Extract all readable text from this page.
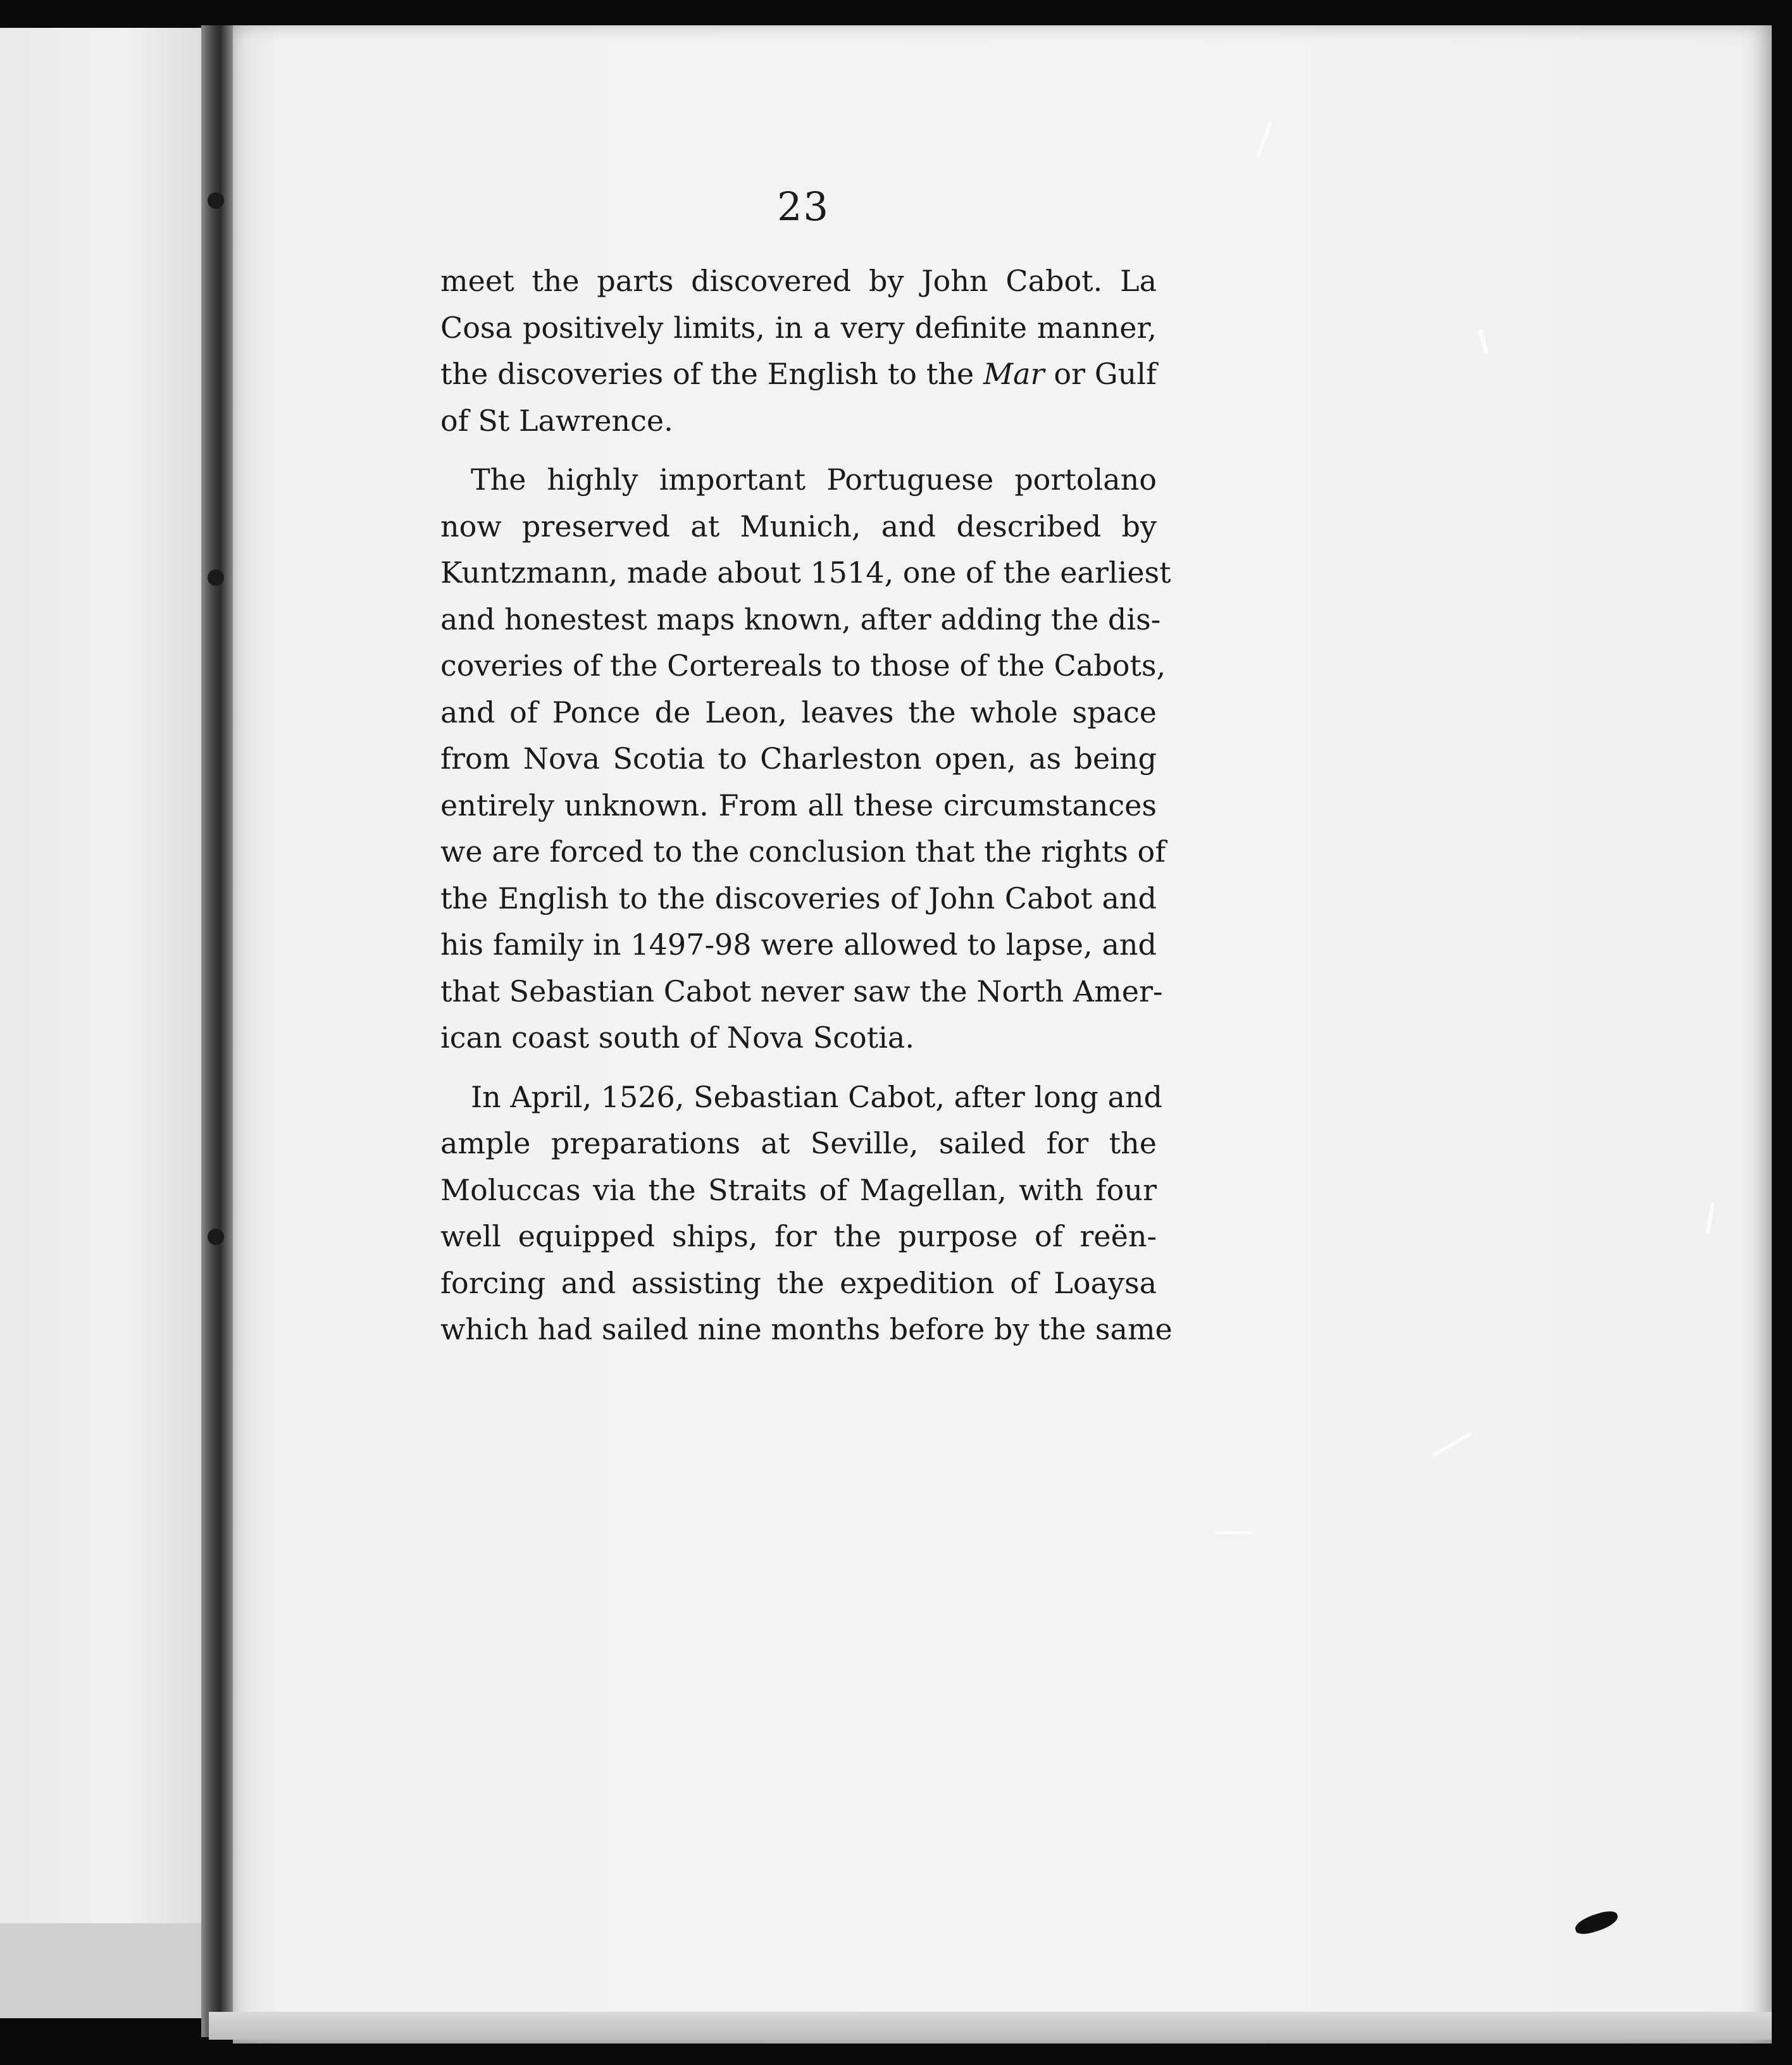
23
meet the parts discovered by John Cabot. La
Cosa positively limits, in a very definite manner,
the discoveries of the English to the Mar or Gulf
of St Lawrence.
The highly important Portuguese portolano
now preserved at Munich, and described by
Kuntzmann, made about 1514, one of the earliest
and honestest maps known, after adding the dis-
coveries of the Cortereals to those of the Cabots,
and of Ponce de Leon, leaves the whole space
from Nova Scotia to Charleston open, as being
entirely unknown. From all these circumstances
we are forced to the conclusion that the rights of
the English to the discoveries of John Cabot and
his family in 1497-98 were allowed to lapse, and
that Sebastian Cabot never saw the North Amer-
ican coast south of Nova Scotia.
In April, 1526, Sebastian Cabot, after long and
ample preparations at Seville, sailed for the
Moluccas via the Straits of Magellan, with four
well equipped ships, for the purpose of reën-
forcing and assisting the expedition of Loaysa
which had sailed nine months before by the same
